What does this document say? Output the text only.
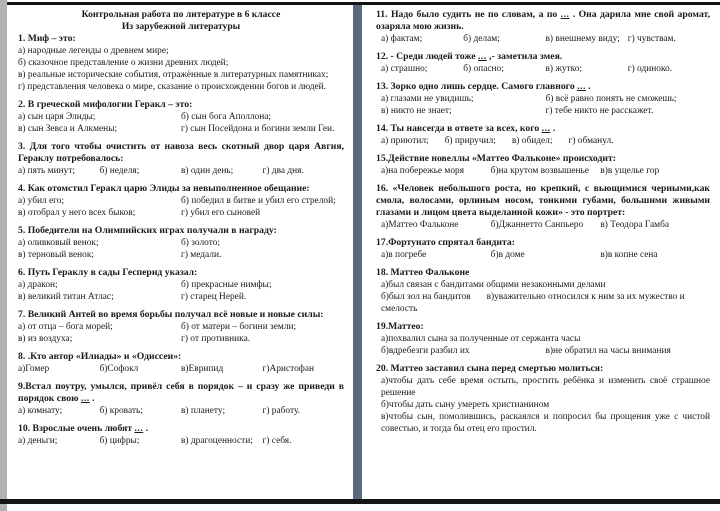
Контрольная работа по литературе в 6 классе
Из зарубежной литературы
1. Миф – это:
а) народные легенды о древнем мире;
б) сказочное представление о жизни древних людей;
в) реальные исторические события, отражённые в литературных памятниках;
г) представления человека о мире, сказание о происхождении богов и людей.
2. В греческой мифологии Геракл – это:
а) сын царя Элиды;	б) сын бога Аполлона;
в) сын Зевса и Алкмены;	г) сын Посейдона и богини земли Геи.
3. Для того чтобы очистить от навоза весь скотный двор царя Авгия, Гераклу потребовалось:
а) пять минут;	б) неделя;	в) один день;	г) два дня.
4. Как отомстил Геракл царю Элиды за невыполненное обещание:
а) убил его;	б) победил в битве и убил его стрелой;
в) отобрал у него всех быков;	г) убил его сыновей
5. Победители на Олимпийских играх получали в награду:
а) оливковый венок;	б) золото;
в) терновый венок;	г) медали.
6. Путь Гераклу в сады Гесперид указал:
а) дракон;	б) прекрасные нимфы;
в) великий титан Атлас;	г) старец Нерей.
7. Великий Антей во время борьбы получал всё новые и новые силы:
а) от отца – бога морей;	б) от матери – богини земли;
в) из воздуха;	г) от противника.
8. .Кто автор «Илиады» и «Одиссеи»:
а)Гомер	б)Софокл	в)Еврипид	г)Аристофан
9.Встал поутру, умылся, привёл себя в порядок – и сразу же приведи в порядок свою ... .
а) комнату;	б) кровать;	в) планету;	г) работу.
10. Взрослые очень любят ... .
а) деньги;	б) цифры;	в) драгоценности;	г) себя.
11. Надо было судить не по словам, а по ... . Она дарила мне свой аромат, озаряла мою жизнь.
а) фактам;	б) делам;	в) внешнему виду; г) чувствам.
12. - Среди людей тоже ... ,- заметила змея.
а) страшно;	б) опасно;	в) жутко;	г) одиноко.
13. Зорко одно лишь сердце. Самого главного ... .
а) глазами не увидишь;	б) всё равно понять не сможешь;
в) никто не знает;	г) тебе никто не расскажет.
14. Ты навсегда в ответе за всех, кого ... .
а) приютил; б) приручил; в) обидел; г) обманул.
15.Действие новеллы «Маттео Фальконе» происходит:
а)на побережье моря	б)на крутом возвышенье	в)в ущелье гор
16. «Человек небольшого роста, но крепкий, с вьющимися черными,как смола, волосами, орлиным носом, тонкими губами, большими живыми глазами и лицом цвета выделанной кожи» - это портрет:
а)Маттео Фальконе	б)Джаннетто Санпьеро	в) Теодора Гамба
17.Фортунато спрятал бандита:
а)в погребе	б)в доме	в)в копне сена
18. Маттео Фальконе
а)был связан с бандитами общими незаконными делами
б)был зол на бандитов в)уважительно относился к ним за их мужество и смелость
19.Маттео:
а)похвалил сына за полученные от сержанта часы
б)вдребезги разбил их	в)не обратил на часы внимания
20. Маттео заставил сына перед смертью молиться:
а)чтобы дать себе время остыть, простить ребёнка и изменить своё страшное решение
б)чтобы дать сыну умереть христианином
в)чтобы сын, помолившись, раскаялся и попросил бы прощения уже с чистой совестью, и тогда бы отец его простил.
